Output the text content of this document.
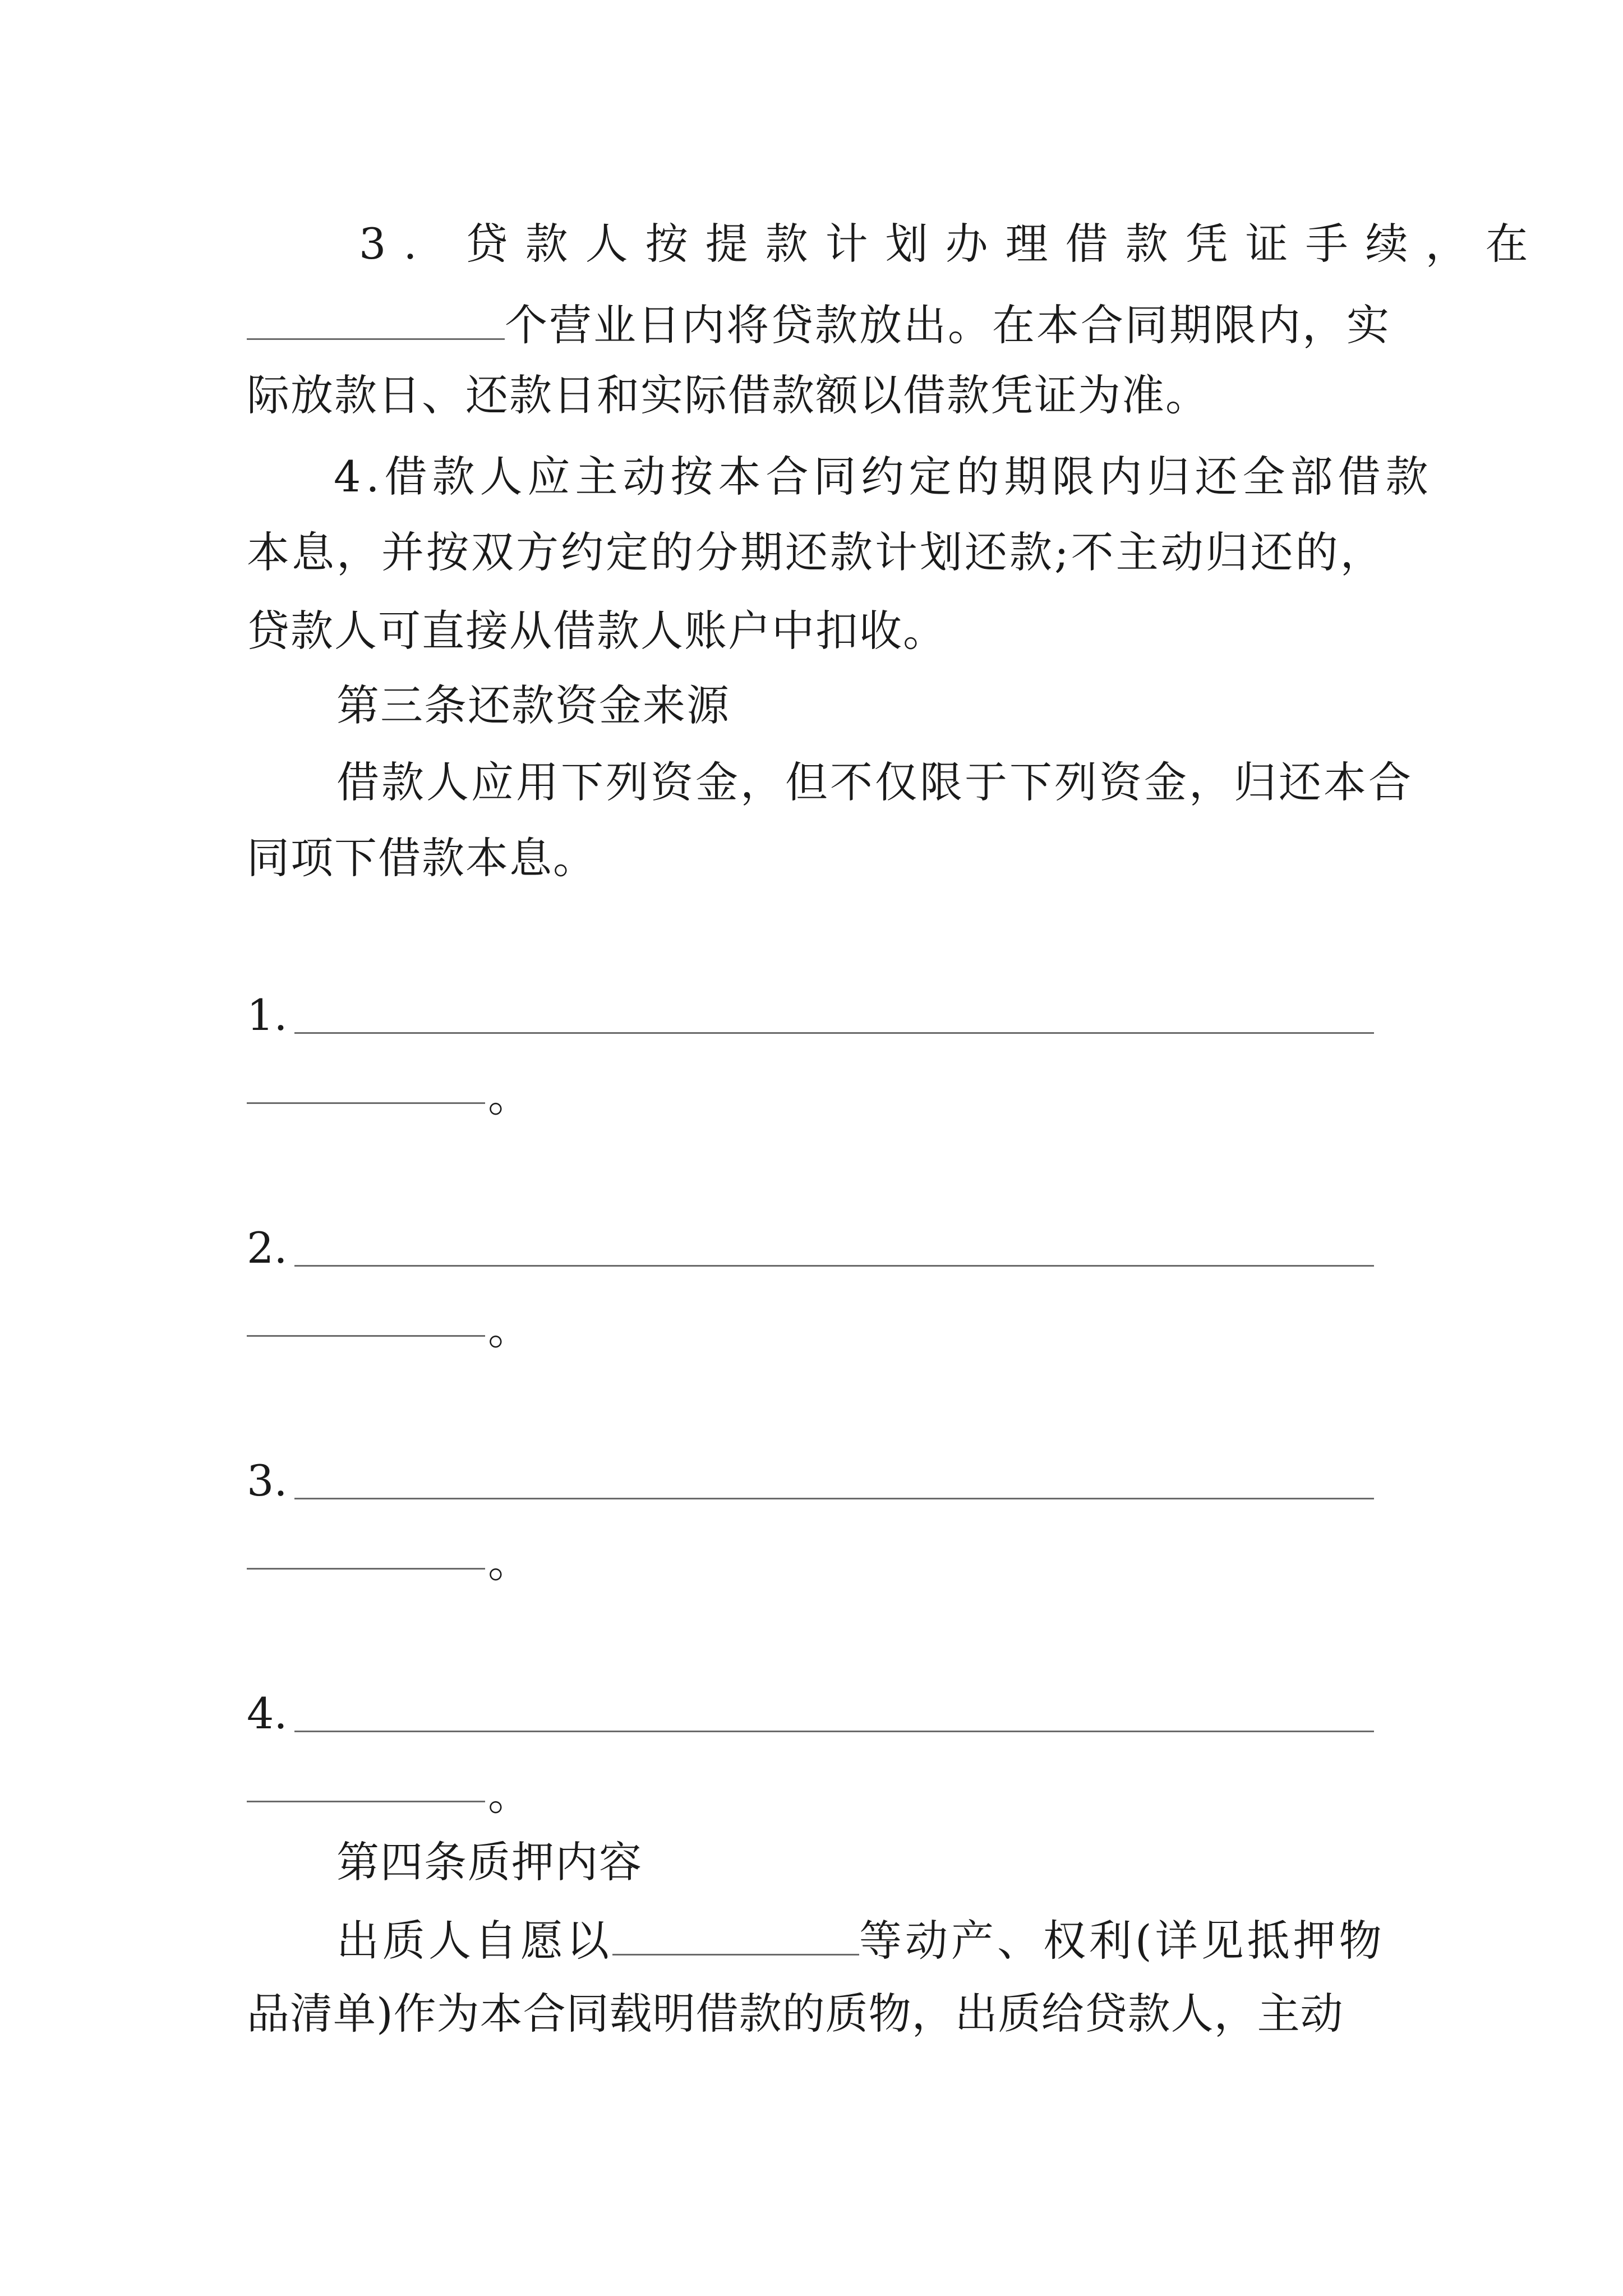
3. 贷款人按提款计划办理借款凭证手续，在
个营业日内将贷款放出。在本合同期限内，实
际放款日、还款日和实际借款额以借款凭证为准。
4.借款人应主动按本合同约定的期限内归还全部借款
本息，并按双方约定的分期还款计划还款;不主动归还的，
贷款人可直接从借款人账户中扣收。
第三条还款资金来源
借款人应用下列资金，但不仅限于下列资金，归还本合
同项下借款本息。
1.
。
2.
。
3.
。
4.
。
第四条质押内容
出质人自愿以	等动产、权利(详见抵押物
品清单)作为本合同载明借款的质物，出质给贷款人，主动
